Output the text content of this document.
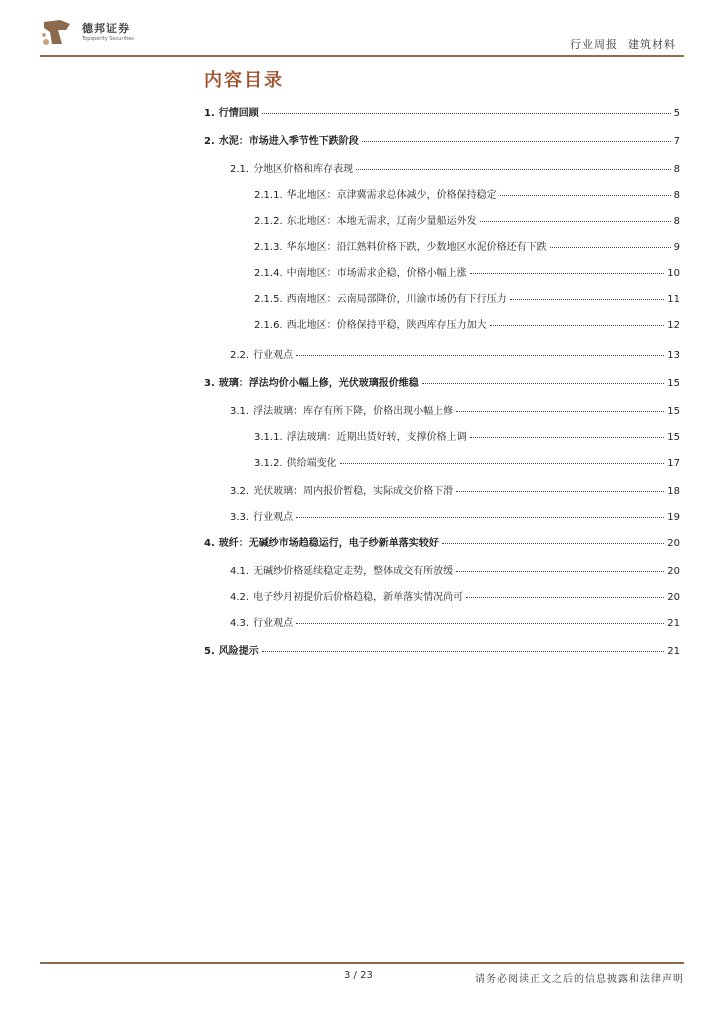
德邦证券
Topsperity Securities	行业周报 建筑材料
内容目录
1. 行情回顾	5
2. 水泥：市场进入季节性下跌阶段	7
2.1. 分地区价格和库存表现	8
2.1.1. 华北地区：京津冀需求总体减少，价格保持稳定	8
2.1.2. 东北地区：本地无需求，辽南少量船运外发	8
2.1.3. 华东地区：沿江熟料价格下跌，少数地区水泥价格还有下跌	9
2.1.4. 中南地区：市场需求企稳，价格小幅上涨	10
2.1.5. 西南地区：云南局部降价，川渝市场仍有下行压力	11
2.1.6. 西北地区：价格保持平稳，陕西库存压力加大	12
2.2. 行业观点	13
3. 玻璃：浮法均价小幅上修，光伏玻璃报价维稳	15
3.1. 浮法玻璃：库存有所下降，价格出现小幅上修	15
3.1.1. 浮法玻璃：近期出货好转，支撑价格上调	15
3.1.2. 供给端变化	17
3.2. 光伏玻璃：周内报价暂稳，实际成交价格下滑	18
3.3. 行业观点	19
4. 玻纤：无碱纱市场趋稳运行，电子纱新单落实较好	20
4.1. 无碱纱价格延续稳定走势，整体成交有所放缓	20
4.2. 电子纱月初提价后价格趋稳，新单落实情况尚可	20
4.3. 行业观点	21
5. 风险提示	21
3 / 23	请务必阅读正文之后的信息披露和法律声明
